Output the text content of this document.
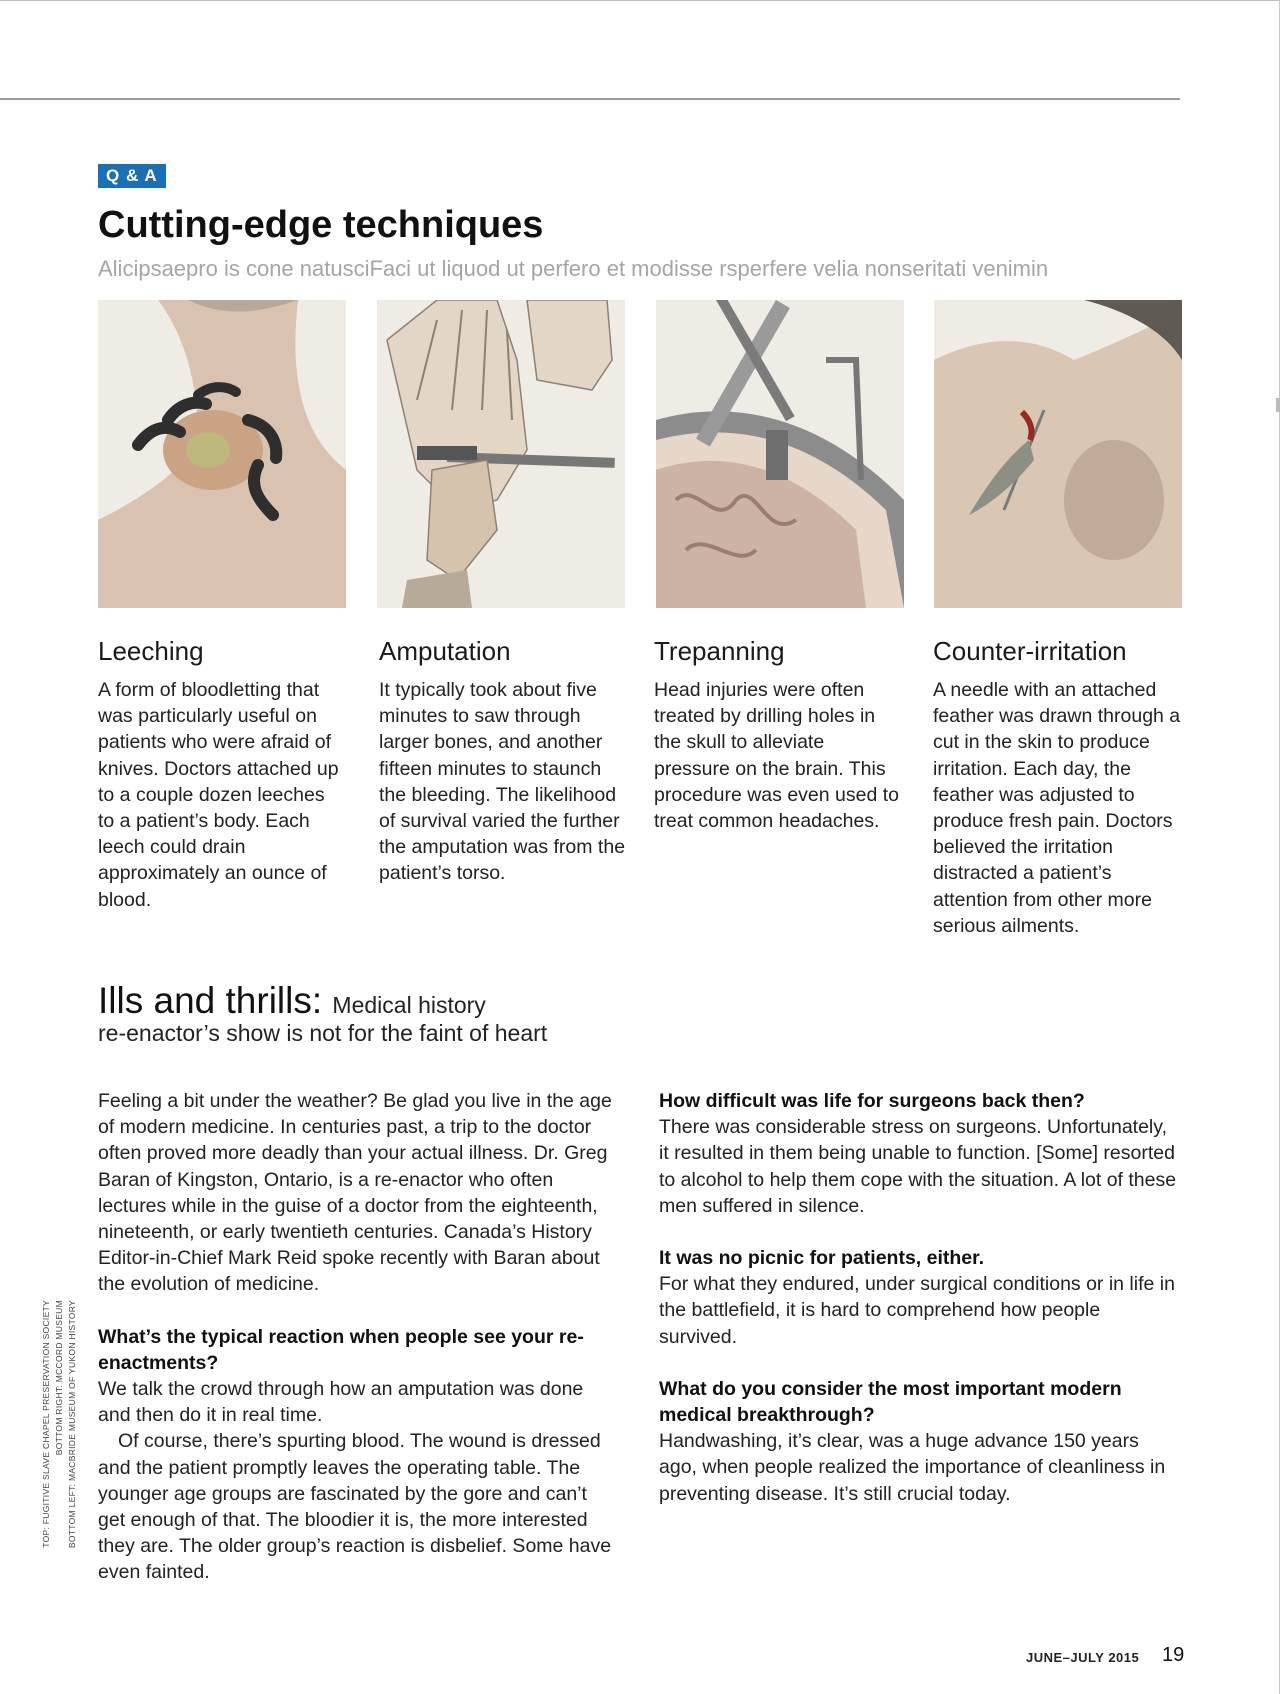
Q & A
Cutting-edge techniques
Alicipsaepro is cone natusciFaci ut liquod ut perfero et modisse rsperfere velia nonseritati venimin
Leeching

A form of bloodletting that was particularly useful on patients who were afraid of knives. Doctors attached up to a couple dozen leeches to a patient’s body. Each leech could drain approximately an ounce of blood.

Amputation

It typically took about five minutes to saw through larger bones, and another fifteen minutes to staunch the bleeding. The likelihood of survival varied the further the amputation was from the patient’s torso.

Trepanning

Head injuries were often treated by drilling holes in the skull to alleviate pressure on the brain. This procedure was even used to treat common headaches.

Counter-irritation

A needle with an attached feather was drawn through a cut in the skin to produce irritation. Each day, the feather was adjusted to produce fresh pain. Doctors believed the irritation distracted a patient’s attention from other more serious ailments.

Ills and thrills: Medical history
re-enactor’s show is not for the faint of heart

Feeling a bit under the weather? Be glad you live in the age of modern medicine. In centuries past, a trip to the doctor often proved more deadly than your actual illness. Dr. Greg Baran of Kingston, Ontario, is a re-enactor who often lectures while in the guise of a doctor from the eighteenth, nineteenth, or early twentieth centuries. Canada’s History Editor-in-Chief Mark Reid spoke recently with Baran about the evolution of medicine.

What’s the typical reaction when people see your re-enactments?

We talk the crowd through how an amputation was done and then do it in real time.

Of course, there’s spurting blood. The wound is dressed and the patient promptly leaves the operating table. The younger age groups are fascinated by the gore and can’t get enough of that. The bloodier it is, the more interested they are. The older group’s reaction is disbelief. Some have even fainted.

How difficult was life for surgeons back then?

There was considerable stress on surgeons. Unfortunately, it resulted in them being unable to function. [Some] resorted to alcohol to help them cope with the situation. A lot of these men suffered in silence.

It was no picnic for patients, either.

For what they endured, under surgical conditions or in life in the battlefield, it is hard to comprehend how people survived.

What do you consider the most important modern medical breakthrough?

Handwashing, it’s clear, was a huge advance 150 years ago, when people realized the importance of cleanliness in preventing disease. It’s still crucial today.

TOP: FUGITIVE SLAVE CHAPEL PRESERVATION SOCIETY BOTTOM RIGHT: MCCORD MUSEUM BOTTOM LEFT: MACBRIDE MUSEUM OF YUKON HISTORY
JUNE–JULY 2015 19
